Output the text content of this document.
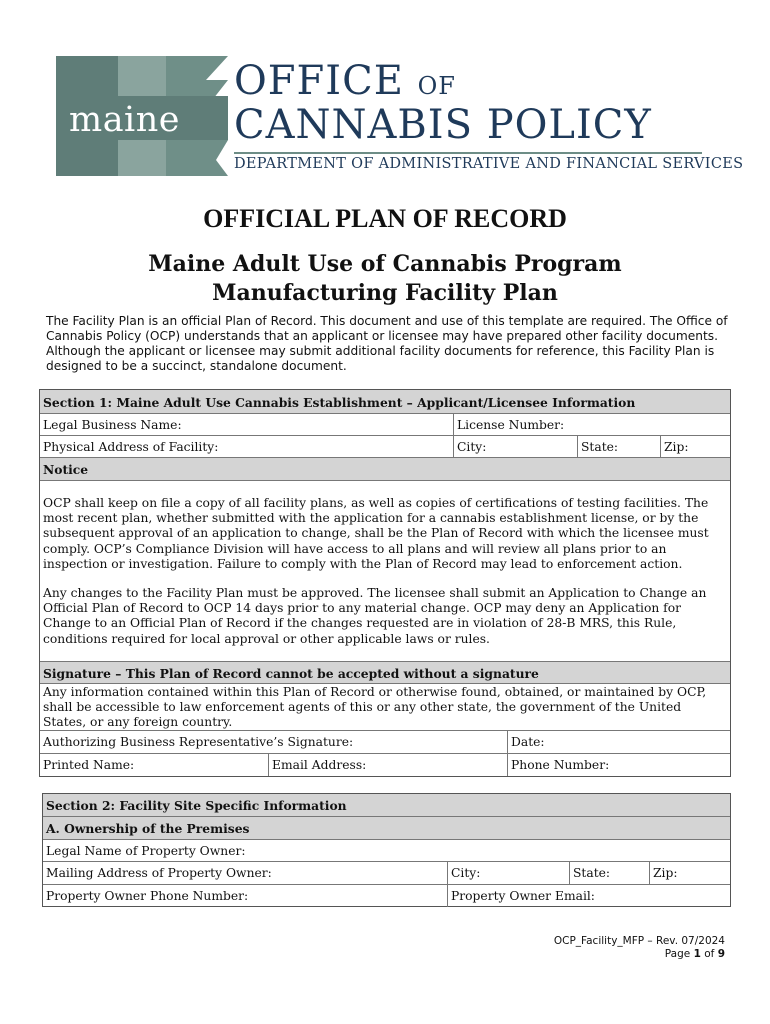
maine
OFFICE OF
CANNABIS POLICY
DEPARTMENT OF ADMINISTRATIVE AND FINANCIAL SERVICES
OFFICIAL PLAN OF RECORD
Maine Adult Use of Cannabis Program
Manufacturing Facility Plan
The Facility Plan is an official Plan of Record. This document and use of this template are required. The Office of Cannabis Policy (OCP) understands that an applicant or licensee may have prepared other facility documents. Although the applicant or licensee may submit additional facility documents for reference, this Facility Plan is designed to be a succinct, standalone document.
Section 1: Maine Adult Use Cannabis Establishment – Applicant/Licensee Information
Legal Business Name:	License Number:
Physical Address of Facility:	City:	State:	Zip:
Notice
OCP shall keep on file a copy of all facility plans, as well as copies of certifications of testing facilities. The most recent plan, whether submitted with the application for a cannabis establishment license, or by the subsequent approval of an application to change, shall be the Plan of Record with which the licensee must comply. OCP’s Compliance Division will have access to all plans and will review all plans prior to an inspection or investigation. Failure to comply with the Plan of Record may lead to enforcement action.
Any changes to the Facility Plan must be approved. The licensee shall submit an Application to Change an Official Plan of Record to OCP 14 days prior to any material change. OCP may deny an Application for Change to an Official Plan of Record if the changes requested are in violation of 28-B MRS, this Rule, conditions required for local approval or other applicable laws or rules.
Signature – This Plan of Record cannot be accepted without a signature
Any information contained within this Plan of Record or otherwise found, obtained, or maintained by OCP, shall be accessible to law enforcement agents of this or any other state, the government of the United States, or any foreign country.
Authorizing Business Representative’s Signature:	Date:
Printed Name:	Email Address:	Phone Number:
Section 2: Facility Site Specific Information
A. Ownership of the Premises
Legal Name of Property Owner:
Mailing Address of Property Owner:	City:	State:	Zip:
Property Owner Phone Number:	Property Owner Email:
OCP_Facility_MFP – Rev. 07/2024
Page 1 of 9
